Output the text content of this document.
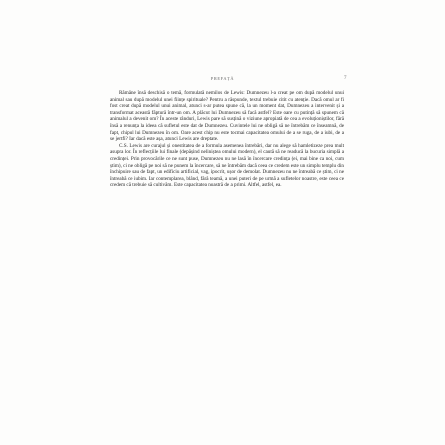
PREFAȚĂ	7

Rămâne însă deschisă o temă, formulată nemilos de Lewis: Dumnezeu l-a creat pe om după modelul unui animal sau după modelul unei ființe spirituale? Pentru a răspunde, textul trebuie citit cu atenție. Dacă omul ar fi fost creat după modelul unui animal, atunci s-ar putea spune că, la un moment dat, Dumnezeu a intervenit și a transformat această făptură într-un om. A plăcut lui Dumnezeu să facă astfel? Este oare cu putință să spunem că animalul a devenit om? În aceste rânduri, Lewis pare să susțină o viziune apropiată de cea a evoluționiștilor, fără însă a renunța la ideea că sufletul este dat de Dumnezeu. Cuvintele lui ne obligă să ne întrebăm ce înseamnă, de fapt, chipul lui Dumnezeu în om. Oare acest chip nu este tocmai capacitatea omului de a se ruga, de a iubi, de a se jertfi? Iar dacă este așa, atunci Lewis are dreptate.

C.S. Lewis are curajul și onestitatea de a formula asemenea întrebări, dar nu alege să hamletizeze prea mult asupra lor. În reflecțiile lui finale (depășind neliniștea omului modern), el caută să ne readucă la bucuria simplă a credinței. Prin provocările ce ne sunt puse, Dumnezeu nu ne lasă în încercare credința (ei, mai bine ca noi, cum știm), ci ne obligă pe noi să ne punem la încercare, să ne întrebăm dacă ceea ce credem este un simplu templu din închipuire sau de fapt, un edificiu artificial, vag, ipocrit, ușor de demolat. Dumnezeu nu ne întreabă ce știm, ci ne întreabă ce iubim. Iar contemplarea, blând, fără teamă, a unei puteri de pe urmă a sufletelor noastre, este ceea ce credem că trebuie să cultivăm. Este capacitatea noastră de a primi. Altfel, astfel, ea.
